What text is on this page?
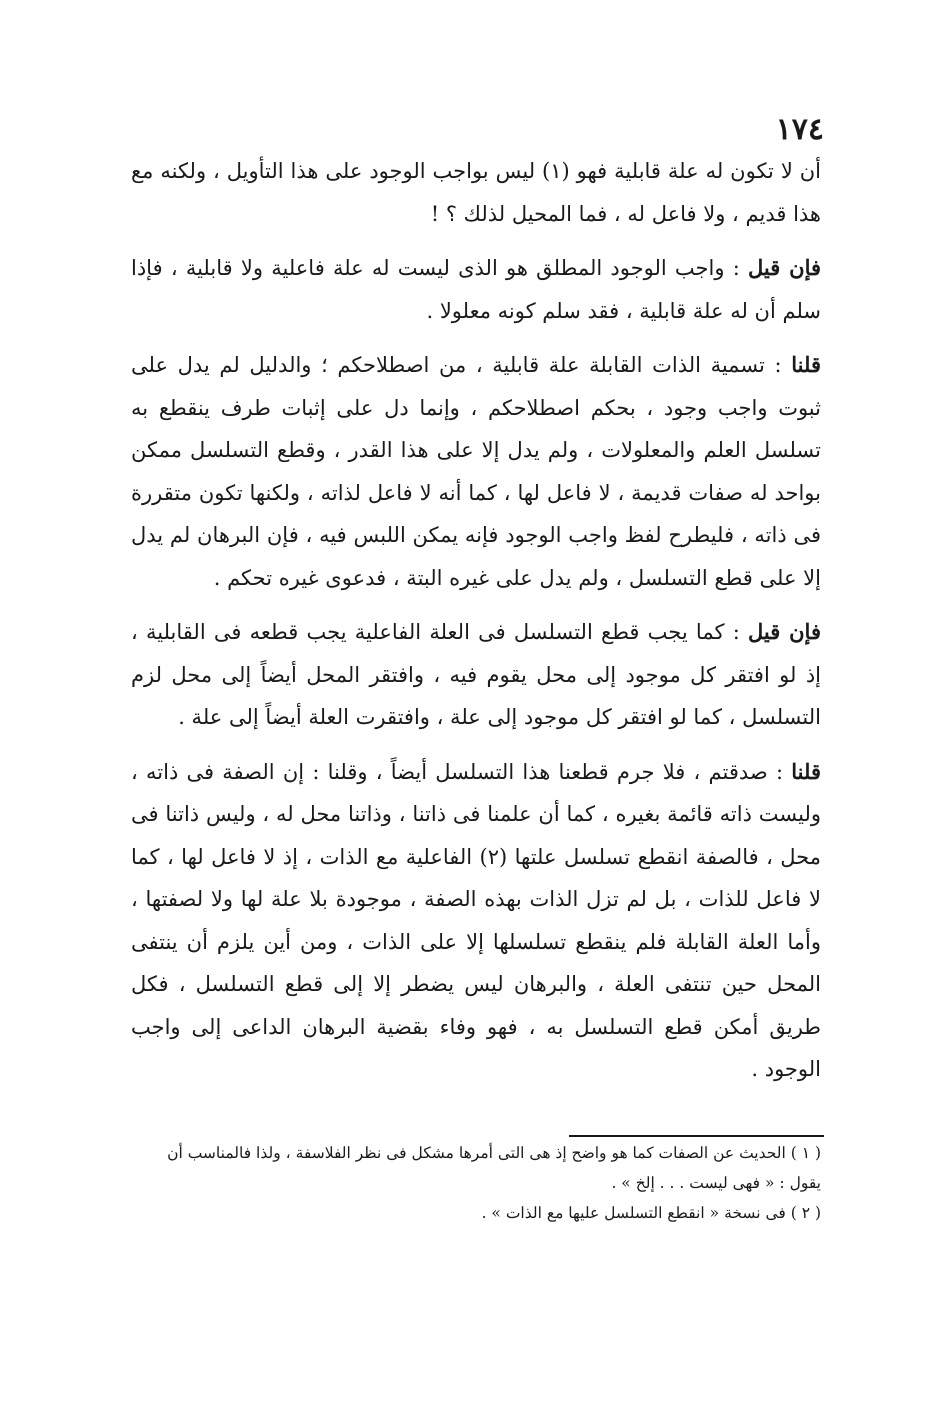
١٧٤

أن لا تكون له علة قابلية فهو (١) ليس بواجب الوجود على هذا التأويل ، ولكنه مع هذا قديم ، ولا فاعل له ، فما المحيل لذلك ؟ !

فإن قيل : واجب الوجود المطلق هو الذى ليست له علة فاعلية ولا قابلية ، فإذا سلم أن له علة قابلية ، فقد سلم كونه معلولا .

قلنا : تسمية الذات القابلة علة قابلية ، من اصطلاحكم ؛ والدليل لم يدل على ثبوت واجب وجود ، بحكم اصطلاحكم ، وإنما دل على إثبات طرف ينقطع به تسلسل العلم والمعلولات ، ولم يدل إلا على هذا القدر ، وقطع التسلسل ممكن بواحد له صفات قديمة ، لا فاعل لها ، كما أنه لا فاعل لذاته ، ولكنها تكون متقررة فى ذاته ، فليطرح لفظ واجب الوجود فإنه يمكن اللبس فيه ، فإن البرهان لم يدل إلا على قطع التسلسل ، ولم يدل على غيره البتة ، فدعوى غيره تحكم .

فإن قيل : كما يجب قطع التسلسل فى العلة الفاعلية يجب قطعه فى القابلية ، إذ لو افتقر كل موجود إلى محل يقوم فيه ، وافتقر المحل أيضاً إلى محل لزم التسلسل ، كما لو افتقر كل موجود إلى علة ، وافتقرت العلة أيضاً إلى علة .

قلنا : صدقتم ، فلا جرم قطعنا هذا التسلسل أيضاً ، وقلنا : إن الصفة فى ذاته ، وليست ذاته قائمة بغيره ، كما أن علمنا فى ذاتنا ، وذاتنا محل له ، وليس ذاتنا فى محل ، فالصفة انقطع تسلسل علتها (٢) الفاعلية مع الذات ، إذ لا فاعل لها ، كما لا فاعل للذات ، بل لم تزل الذات بهذه الصفة ، موجودة بلا علة لها ولا لصفتها ، وأما العلة القابلة فلم ينقطع تسلسلها إلا على الذات ، ومن أين يلزم أن ينتفى المحل حين تنتفى العلة ، والبرهان ليس يضطر إلا إلى قطع التسلسل ، فكل طريق أمكن قطع التسلسل به ، فهو وفاء بقضية البرهان الداعى إلى واجب الوجود .

( ١ ) الحديث عن الصفات كما هو واضح إذ هى التى أمرها مشكل فى نظر الفلاسفة ، ولذا فالمناسب أن يقول : « فهى ليست . . . إلخ » .

( ٢ ) فى نسخة « انقطع التسلسل عليها مع الذات » .
